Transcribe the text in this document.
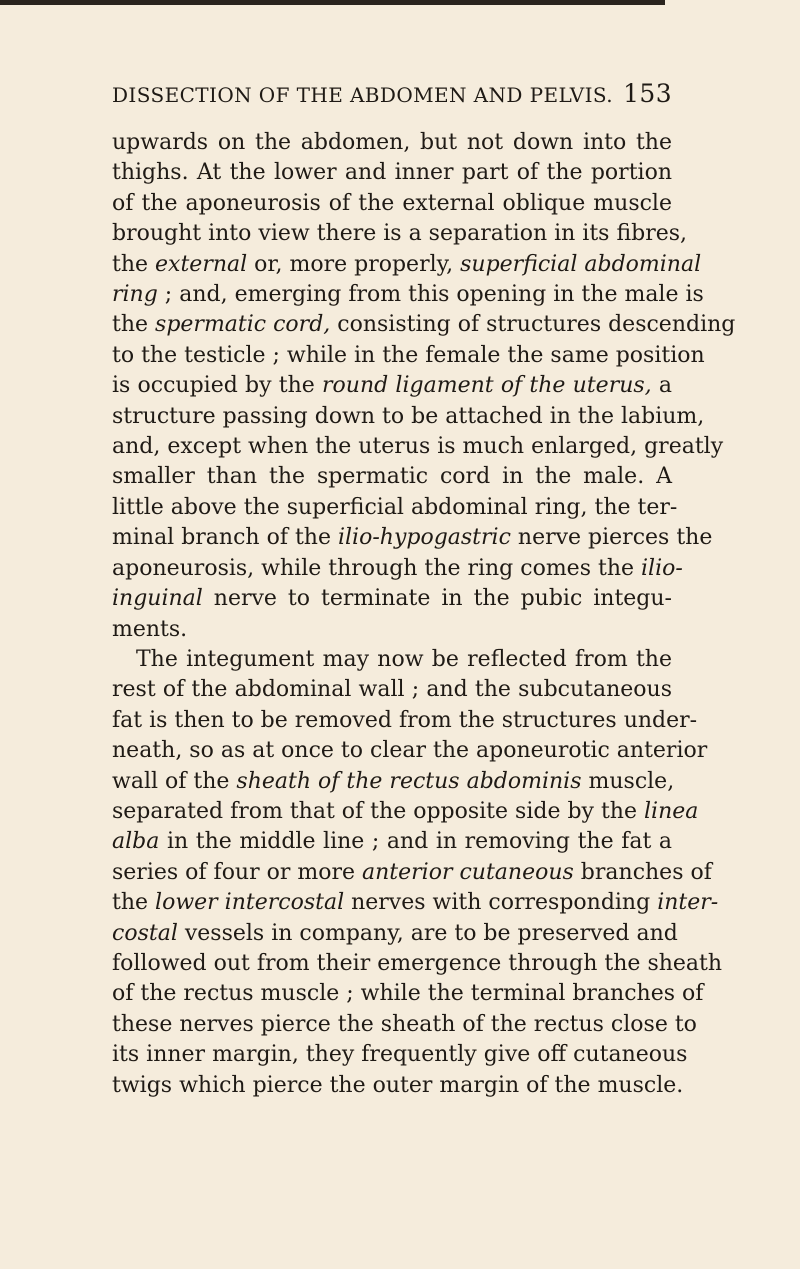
DISSECTION OF THE ABDOMEN AND PELVIS. 153
upwards on the abdomen, but not down into the
thighs. At the lower and inner part of the portion
of the aponeurosis of the external oblique muscle
brought into view there is a separation in its fibres,
the external or, more properly, superficial abdominal
ring ; and, emerging from this opening in the male is
the spermatic cord, consisting of structures descending
to the testicle ; while in the female the same position
is occupied by the round ligament of the uterus, a
structure passing down to be attached in the labium,
and, except when the uterus is much enlarged, greatly
smaller than the spermatic cord in the male. A
little above the superficial abdominal ring, the ter-
minal branch of the ilio-hypogastric nerve pierces the
aponeurosis, while through the ring comes the ilio-
inguinal nerve to terminate in the pubic integu-
ments.
The integument may now be reflected from the
rest of the abdominal wall ; and the subcutaneous
fat is then to be removed from the structures under-
neath, so as at once to clear the aponeurotic anterior
wall of the sheath of the rectus abdominis muscle,
separated from that of the opposite side by the linea
alba in the middle line ; and in removing the fat a
series of four or more anterior cutaneous branches of
the lower intercostal nerves with corresponding inter-
costal vessels in company, are to be preserved and
followed out from their emergence through the sheath
of the rectus muscle ; while the terminal branches of
these nerves pierce the sheath of the rectus close to
its inner margin, they frequently give off cutaneous
twigs which pierce the outer margin of the muscle.
